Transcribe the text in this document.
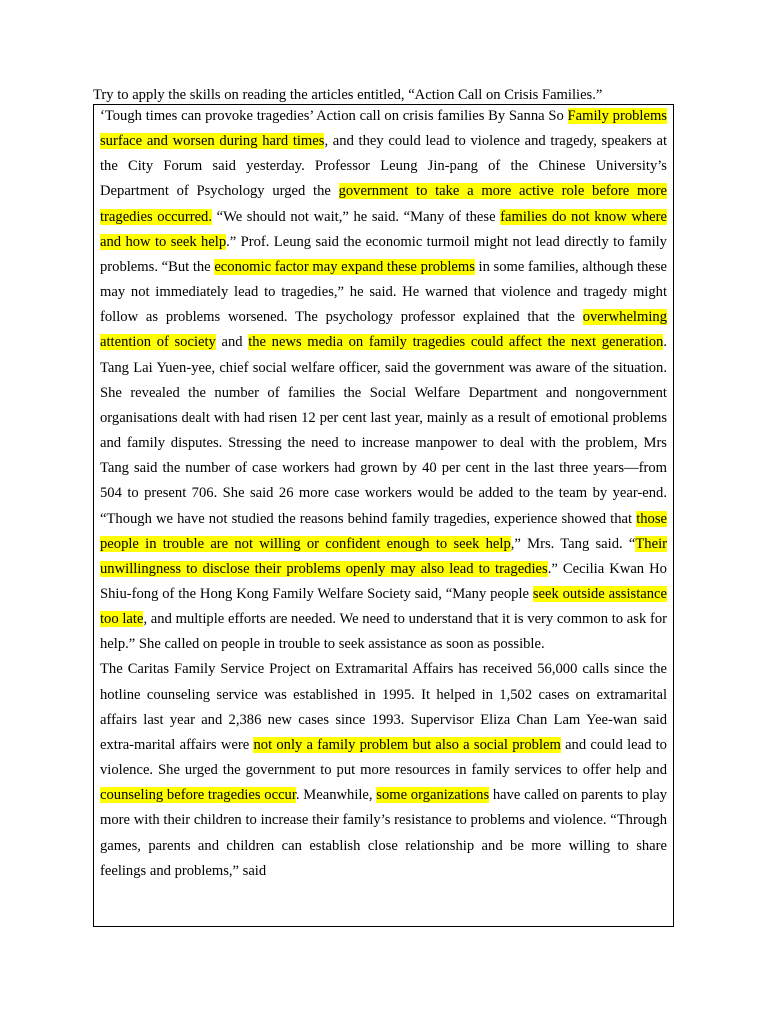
Try to apply the skills on reading the articles entitled, “Action Call on Crisis Families.”

‘Tough times can provoke tragedies’ Action call on crisis families By Sanna So Family problems surface and worsen during hard times, and they could lead to violence and tragedy, speakers at the City Forum said yesterday. Professor Leung Jin-pang of the Chinese University’s Department of Psychology urged the government to take a more active role before more tragedies occurred. “We should not wait,” he said. “Many of these families do not know where and how to seek help.” Prof. Leung said the economic turmoil might not lead directly to family problems. “But the economic factor may expand these problems in some families, although these may not immediately lead to tragedies,” he said. He warned that violence and tragedy might follow as problems worsened. The psychology professor explained that the overwhelming attention of society and the news media on family tragedies could affect the next generation. Tang Lai Yuen-yee, chief social welfare officer, said the government was aware of the situation. She revealed the number of families the Social Welfare Department and nongovernment organisations dealt with had risen 12 per cent last year, mainly as a result of emotional problems and family disputes. Stressing the need to increase manpower to deal with the problem, Mrs Tang said the number of case workers had grown by 40 per cent in the last three years—from 504 to present 706. She said 26 more case workers would be added to the team by year-end. “Though we have not studied the reasons behind family tragedies, experience showed that those people in trouble are not willing or confident enough to seek help,” Mrs. Tang said. “Their unwillingness to disclose their problems openly may also lead to tragedies.” Cecilia Kwan Ho Shiu-fong of the Hong Kong Family Welfare Society said, “Many people seek outside assistance too late, and multiple efforts are needed. We need to understand that it is very common to ask for help.” She called on people in trouble to seek assistance as soon as possible.

The Caritas Family Service Project on Extramarital Affairs has received 56,000 calls since the hotline counseling service was established in 1995. It helped in 1,502 cases on extramarital affairs last year and 2,386 new cases since 1993. Supervisor Eliza Chan Lam Yee-wan said extra-marital affairs were not only a family problem but also a social problem and could lead to violence. She urged the government to put more resources in family services to offer help and counseling before tragedies occur. Meanwhile, some organizations have called on parents to play more with their children to increase their family’s resistance to problems and violence. “Through games, parents and children can establish close relationship and be more willing to share feelings and problems,” said
